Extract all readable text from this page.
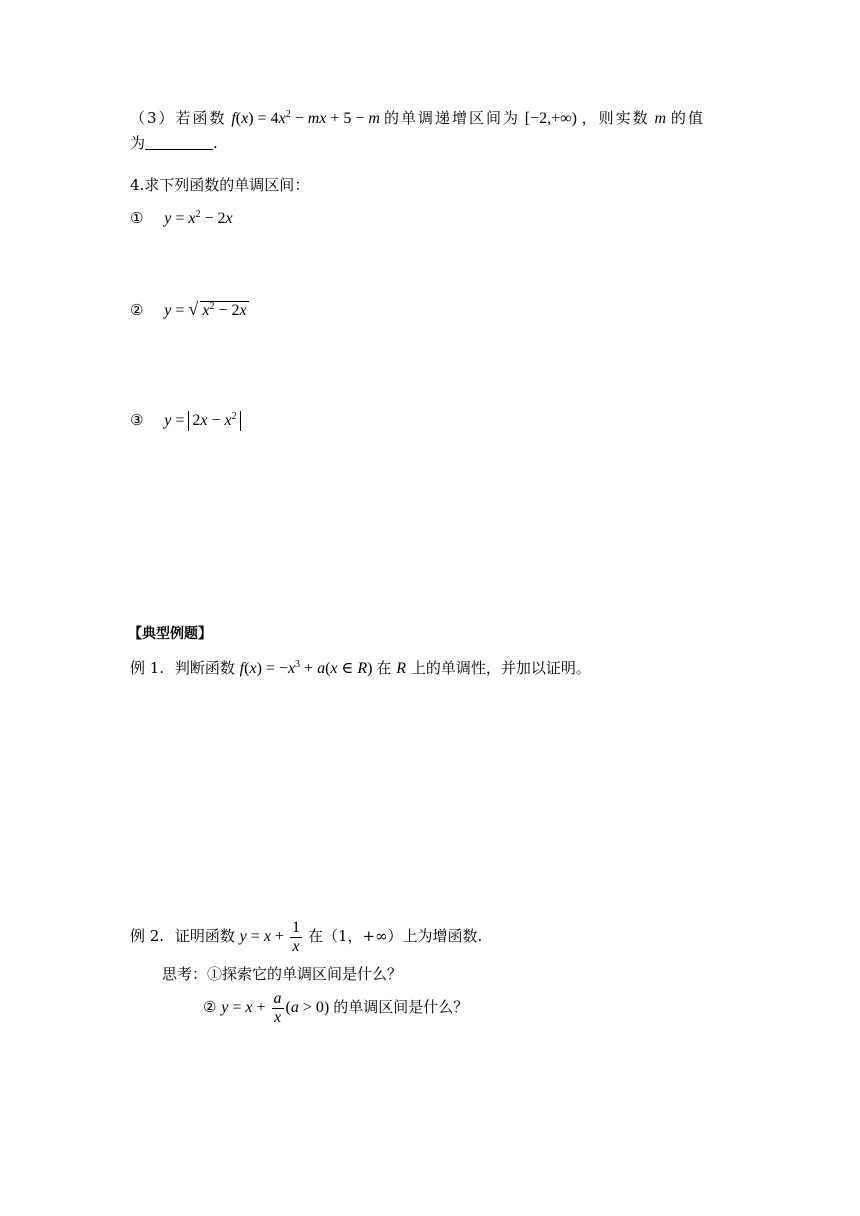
（3）若函数 $f(x) = 4x^2$ − mx + 5 − m 的单调递增区间为 [−2,+∞) ，则实数 m 的值
为	.
4.求下列函数的单调区间：
① $y = x^2 - 2x$
② y = √ $x^2 - 2x$
③ $y = 2x - x^2$
【典型例题】
例 1. 判断函数 $f(x) = -x^3 + a(x$ ∈ R) 在 R 上的单调性，并加以证明。
例 2. 证明函数 $y = x + \frac{1}{x}$ 在（1，+∞）上为增函数.
思考：①探索它的单调区间是什么？
② $y = x + \frac{a}{x} (a > 0)$ 的单调区间是什么？
